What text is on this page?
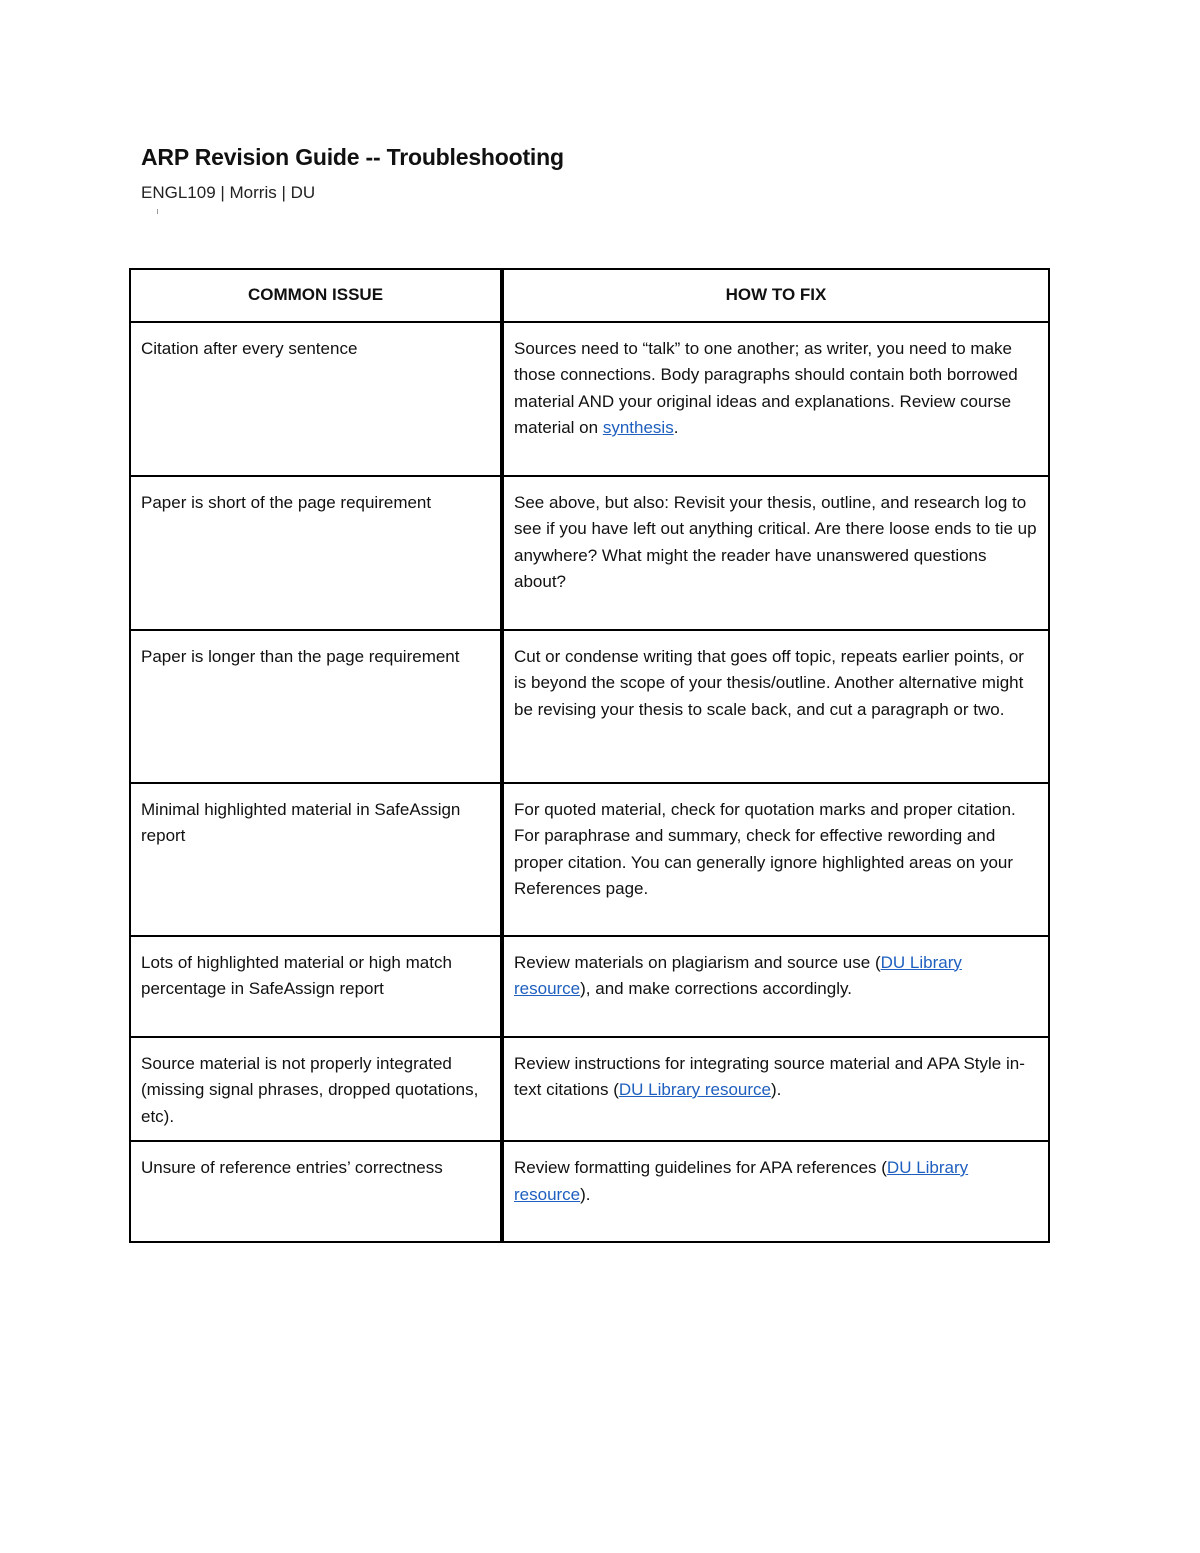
ARP Revision Guide -- Troubleshooting

ENGL109 | Morris | DU

COMMON ISSUE	HOW TO FIX
Citation after every sentence	Sources need to “talk” to one another; as writer, you need to make those connections. Body paragraphs should contain both borrowed material AND your original ideas and explanations. Review course material on synthesis.
Paper is short of the page requirement	See above, but also: Revisit your thesis, outline, and research log to see if you have left out anything critical. Are there loose ends to tie up anywhere? What might the reader have unanswered questions about?
Paper is longer than the page requirement	Cut or condense writing that goes off topic, repeats earlier points, or is beyond the scope of your thesis/outline. Another alternative might be revising your thesis to scale back, and cut a paragraph or two.
Minimal highlighted material in SafeAssign report	For quoted material, check for quotation marks and proper citation. For paraphrase and summary, check for effective rewording and proper citation. You can generally ignore highlighted areas on your References page.
Lots of highlighted material or high match percentage in SafeAssign report	Review materials on plagiarism and source use (DU Library resource), and make corrections accordingly.
Source material is not properly integrated (missing signal phrases, dropped quotations, etc).	Review instructions for integrating source material and APA Style in-text citations (DU Library resource).
Unsure of reference entries’ correctness	Review formatting guidelines for APA references (DU Library resource).
